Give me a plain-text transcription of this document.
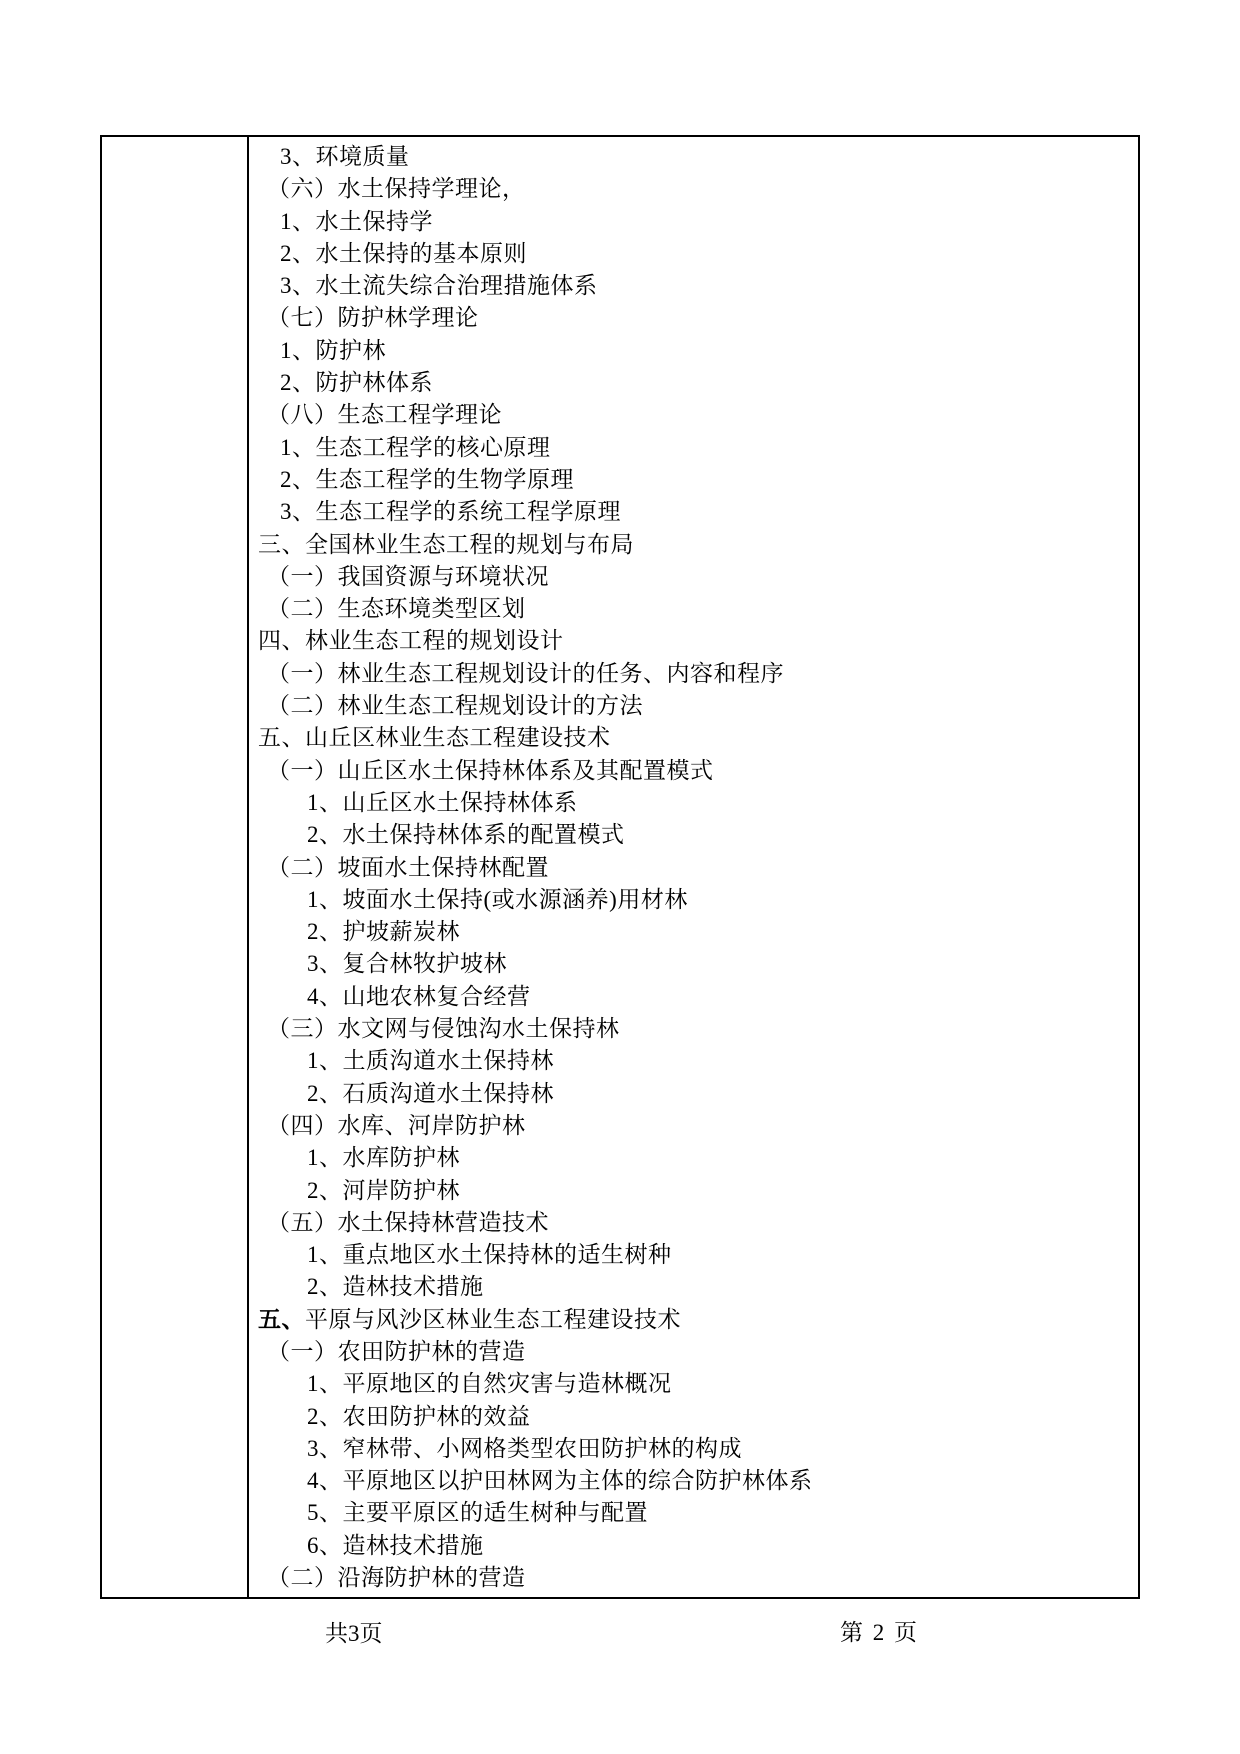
3、环境质量
（六）水土保持学理论，
1、水土保持学
2、水土保持的基本原则
3、水土流失综合治理措施体系
（七）防护林学理论
1、防护林
2、防护林体系
（八）生态工程学理论
1、生态工程学的核心原理
2、生态工程学的生物学原理
3、生态工程学的系统工程学原理
三、全国林业生态工程的规划与布局
（一）我国资源与环境状况
（二）生态环境类型区划
四、林业生态工程的规划设计
（一）林业生态工程规划设计的任务、内容和程序
（二）林业生态工程规划设计的方法
五、山丘区林业生态工程建设技术
（一）山丘区水土保持林体系及其配置模式
1、山丘区水土保持林体系
2、水土保持林体系的配置模式
（二）坡面水土保持林配置
1、坡面水土保持(或水源涵养)用材林
2、护坡薪炭林
3、复合林牧护坡林
4、山地农林复合经营
（三）水文网与侵蚀沟水土保持林
1、土质沟道水土保持林
2、石质沟道水土保持林
（四）水库、河岸防护林
1、水库防护林
2、河岸防护林
（五）水土保持林营造技术
1、重点地区水土保持林的适生树种
2、造林技术措施
五、平原与风沙区林业生态工程建设技术
（一）农田防护林的营造
1、平原地区的自然灾害与造林概况
2、农田防护林的效益
3、窄林带、小网格类型农田防护林的构成
4、平原地区以护田林网为主体的综合防护林体系
5、主要平原区的适生树种与配置
6、造林技术措施
（二）沿海防护林的营造
共3页	第 2 页
